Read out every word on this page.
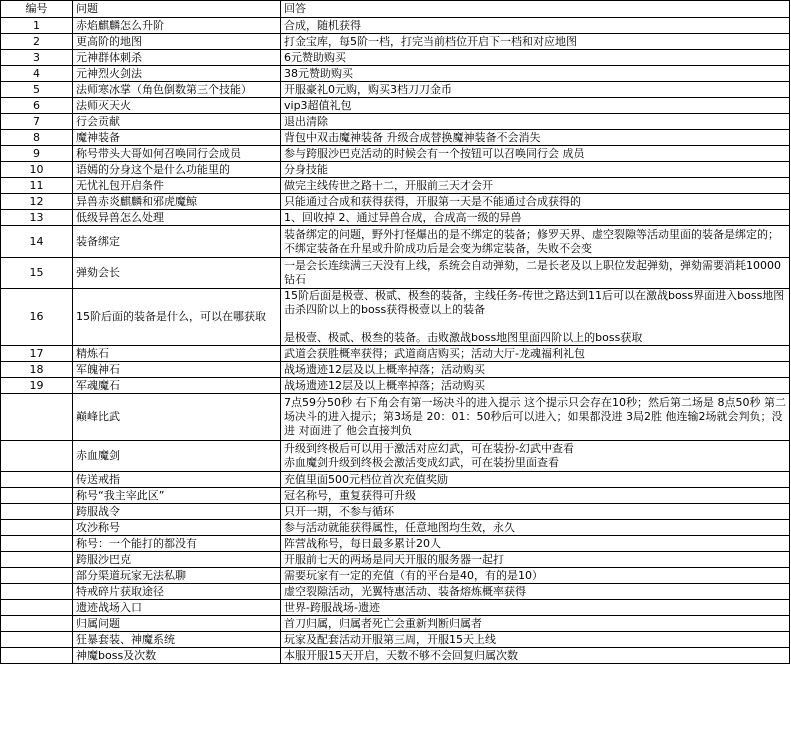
编号	问题	回答
1	赤焰麒麟怎么升阶	合成，随机获得

2	更高阶的地图	打金宝库，每5阶一档，打完当前档位开启下一档和对应地图

3	元神群体刺杀	6元赞助购买

4	元神烈火剑法	38元赞助购买

5	法师寒冰掌（角色倒数第三个技能）	开服豪礼0元购，购买3档刀刀金币

6	法师灭天火	vip3超值礼包

7	行会贡献	退出清除

8	魔神装备	背包中双击魔神装备 升级合成替换魔神装备不会消失

9	称号带头大哥如何召唤同行会成员	参与跨服沙巴克活动的时候会有一个按钮可以召唤同行会 成员

10	语嫣的分身这个是什么功能里的	分身技能

11	无忧礼包开启条件	做完主线传世之路十二，开服前三天才会开

12	异兽赤炎麒麟和邪虎魔鲸	只能通过合成和获得获得，开服第一天是不能通过合成获得的

13	低级异兽怎么处理	1、回收掉 2、通过异兽合成，合成高一级的异兽

14	装备绑定	装备绑定的问题，野外打怪爆出的是不绑定的装备；修罗天界、虚空裂隙等活动里面的装备是绑定的；不绑定装备在升星或升阶成功后是会变为绑定装备，失败不会变

15	弹劾会长	一是会长连续满三天没有上线，系统会自动弹劾，二是长老及以上职位发起弹劾，弹劾需要消耗10000钻石

16	15阶后面的装备是什么，可以在哪获取	15阶后面是极壹、极贰、极叁的装备，主线任务-传世之路达到11后可以在激战boss界面进入boss地图击杀四阶以上的boss获得极壹以上的装备
是极壹、极贰、极叁的装备。击败激战boss地图里面四阶以上的boss获取

17	精炼石	武道会获胜概率获得；武道商店购买；活动大厅-龙魂福利礼包

18	军魄神石	战场遗迹12层及以上概率掉落；活动购买

19	军魂魔石	战场遗迹12层及以上概率掉落；活动购买

	巅峰比武	7点59分50秒 右下角会有第一场决斗的进入提示 这个提示只会存在10秒；然后第二场是 8点50秒 第二场决斗的进入提示；第3场是 20：01：50秒后可以进入；如果都没进 3局2胜 他连输2场就会判负；没进 对面进了 他会直接判负

	赤血魔剑	升级到终极后可以用于激活对应幻武，可在装扮-幻武中查看
赤血魔剑升级到终极会激活变成幻武，可在装扮里面查看

	传送戒指	充值里面500元档位首次充值奖励

	称号“我主宰此区”	冠名称号，重复获得可升级

	跨服战令	只开一期，不参与循环

	攻沙称号	参与活动就能获得属性，任意地图均生效，永久

	称号：一个能打的都没有	阵营战称号，每日最多累计20人

	跨服沙巴克	开服前七天的两场是同天开服的服务器一起打

	部分渠道玩家无法私聊	需要玩家有一定的充值（有的平台是40，有的是10）

	特戒碎片获取途径	虚空裂隙活动，光翼特惠活动、装备熔炼概率获得

	遗迹战场入口	世界-跨服战场-遗迹

	归属问题	首刀归属，归属者死亡会重新判断归属者

	狂暴套装、神魔系统	玩家及配套活动开服第三周，开服15天上线

	神魔boss及次数	本服开服15天开启，天数不够不会回复归属次数
